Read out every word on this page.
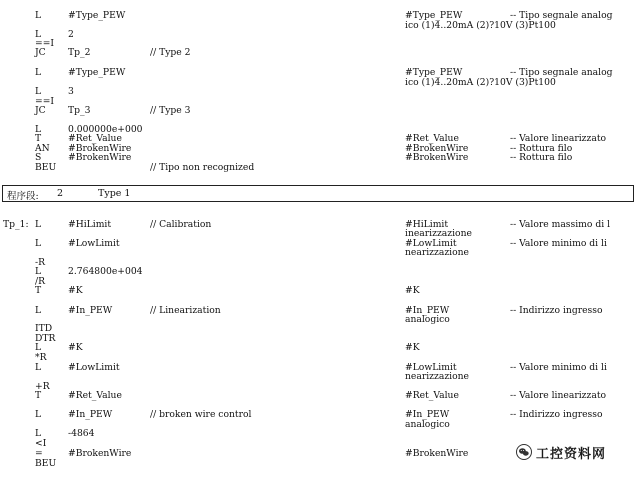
L	#Type_PEW	#Type_PEW	-- Tipo segnale analog
ico (1)4..20mA (2)?10V (3)Pt100
L	2
==I
JC Tp_2	// Type 2
L	#Type_PEW	#Type_PEW	-- Tipo segnale analog
ico (1)4..20mA (2)?10V (3)Pt100
L	3
==I
JC Tp_3	// Type 3
L	0.000000e+000
T	#Ret_Value	#Ret_Value	-- Valore linearizzato
AN #BrokenWire	#BrokenWire	-- Rottura filo
S	#BrokenWire	#BrokenWire	-- Rottura filo
BEU	// Tipo non recognized
Tp_1: L	#HiLimit	// Calibration	#HiLimit	-- Valore massimo di l
inearizzazione
L	#LowLimit	#LowLimit	-- Valore minimo di li
nearizzazione
-R
L	2.764800e+004
/R
T	#K	#K
L	#In_PEW	// Linearization	#In_PEW	-- Indirizzo ingresso
analogico
ITD
DTR
L	#K	#K
*R
L	#LowLimit	#LowLimit	-- Valore minimo di li
nearizzazione
+R
T	#Ret_Value	#Ret_Value	-- Valore linearizzato
L	#In_PEW	// broken wire control	#In_PEW	-- Indirizzo ingresso
analogico
L	-4864
<I
=	#BrokenWire	#BrokenWire
BEU
程序段: 2	Type 1
工控资料网
